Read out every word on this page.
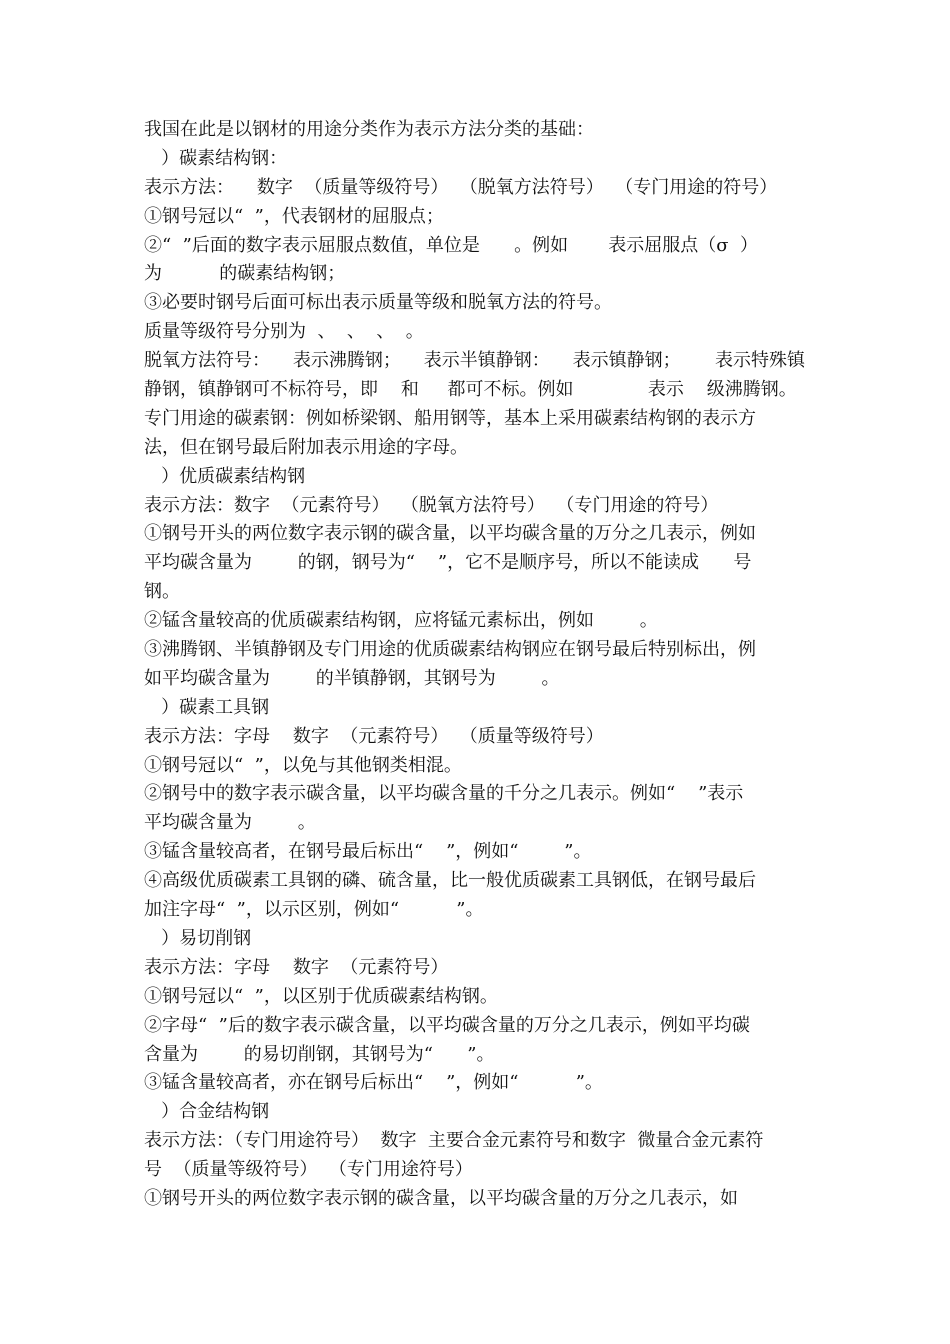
我国在此是以钢材的用途分类作为表示方法分类的基础：
）碳素结构钢：
表示方法：    数字  （质量等级符号）  （脱氧方法符号）  （专门用途的符号）
①钢号冠以“  ”，代表钢材的屈服点；
②“  ”后面的数字表示屈服点数值，单位是      。例如       表示屈服点（σ  ）
为          的碳素结构钢；
③必要时钢号后面可标出表示质量等级和脱氧方法的符号。
质量等级符号分别为  、  、  、  。
脱氧方法符号：    表示沸腾钢；    表示半镇静钢：    表示镇静钢；      表示特殊镇
静钢，镇静钢可不标符号，即    和     都可不标。例如             表示    级沸腾钢。
专门用途的碳素钢：例如桥梁钢、船用钢等，基本上采用碳素结构钢的表示方
法，但在钢号最后附加表示用途的字母。
）优质碳素结构钢
表示方法：数字  （元素符号）  （脱氧方法符号）  （专门用途的符号）
①钢号开头的两位数字表示钢的碳含量，以平均碳含量的万分之几表示，例如
平均碳含量为        的钢，钢号为“    ”，它不是顺序号，所以不能读成      号
钢。
②锰含量较高的优质碳素结构钢，应将锰元素标出，例如        。
③沸腾钢、半镇静钢及专门用途的优质碳素结构钢应在钢号最后特别标出，例
如平均碳含量为        的半镇静钢，其钢号为        。
）碳素工具钢
表示方法：字母    数字  （元素符号）  （质量等级符号）
①钢号冠以“  ”，以免与其他钢类相混。
②钢号中的数字表示碳含量，以平均碳含量的千分之几表示。例如“    ”表示
平均碳含量为        。
③锰含量较高者，在钢号最后标出“    ”，例如“        ”。
④高级优质碳素工具钢的磷、硫含量，比一般优质碳素工具钢低，在钢号最后
加注字母“  ”，以示区别，例如“          ”。
）易切削钢
表示方法：字母    数字  （元素符号）
①钢号冠以“  ”，以区别于优质碳素结构钢。
②字母“  ”后的数字表示碳含量，以平均碳含量的万分之几表示，例如平均碳
含量为        的易切削钢，其钢号为“      ”。
③锰含量较高者，亦在钢号后标出“    ”，例如“          ”。
）合金结构钢
表示方法：（专门用途符号）  数字  主要合金元素符号和数字  微量合金元素符
号  （质量等级符号）  （专门用途符号）
①钢号开头的两位数字表示钢的碳含量，以平均碳含量的万分之几表示，如
